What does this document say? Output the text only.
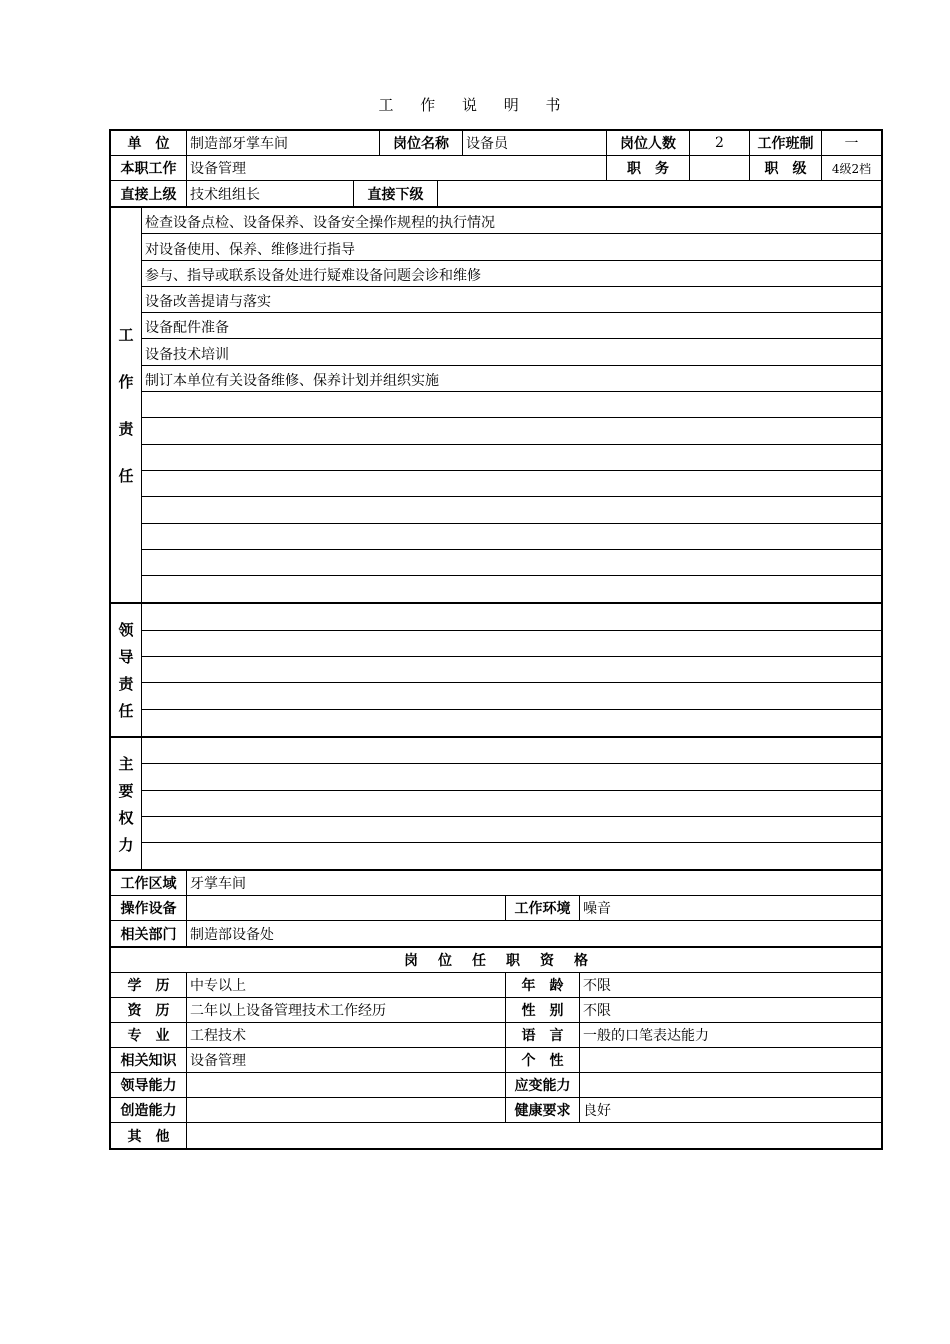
工 作 说 明 书
单　位	制造部牙掌车间	岗位名称	设备员	岗位人数	2	工作班制	一
本职工作 设备管理	职　务	职　级	4级2档
直接上级 技术组组长	直接下级
工
作
责
任
检查设备点检、设备保养、设备安全操作规程的执行情况
对设备使用、保养、维修进行指导
参与、指导或联系设备处进行疑难设备问题会诊和维修
设备改善提请与落实
设备配件准备
设备技术培训
制订本单位有关设备维修、保养计划并组织实施
领
导
责
任
主
要
权
力
工作区域 牙掌车间
操作设备	工作环境 噪音
相关部门 制造部设备处
岗位任职资格
学　历	中专以上	年　龄	不限
资　历	二年以上设备管理技术工作经历	性　别	不限
专　业	工程技术	语　言	一般的口笔表达能力
相关知识 设备管理	个　性
领导能力	应变能力
创造能力	健康要求 良好
其　他
